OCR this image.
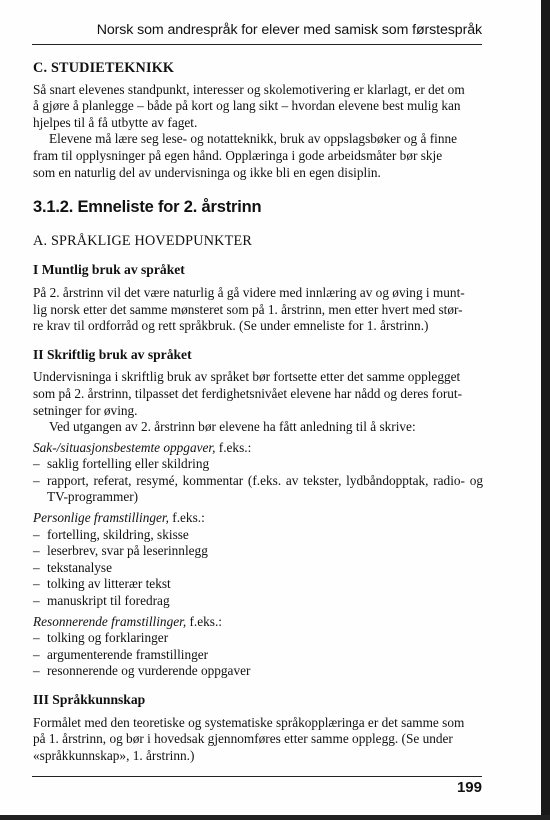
Norsk som andrespråk for elever med samisk som førstespråk
C. STUDIETEKNIKK

Så snart elevenes standpunkt, interesser og skolemotivering er klarlagt, er det om
å gjøre å planlegge – både på kort og lang sikt – hvordan elevene best mulig kan
hjelpes til å få utbytte av faget.

Elevene må lære seg lese- og notatteknikk, bruk av oppslagsbøker og å finne
fram til opplysninger på egen hånd. Opplæringa i gode arbeidsmåter bør skje
som en naturlig del av undervisninga og ikke bli en egen disiplin.

3.1.2. Emneliste for 2. årstrinn
A. SPRÅKLIGE HOVEDPUNKTER
I Muntlig bruk av språket

På 2. årstrinn vil det være naturlig å gå videre med innlæring av og øving i munt-
lig norsk etter det samme mønsteret som på 1. årstrinn, men etter hvert med stør-
re krav til ordforråd og rett språkbruk. (Se under emneliste for 1. årstrinn.)

II Skriftlig bruk av språket

Undervisninga i skriftlig bruk av språket bør fortsette etter det samme opplegget
som på 2. årstrinn, tilpasset det ferdighetsnivået elevene har nådd og deres forut-
setninger for øving.

Ved utgangen av 2. årstrinn bør elevene ha fått anledning til å skrive:

Sak-/situasjonsbestemte oppgaver, f.eks.:
– saklig fortelling eller skildring
– rapport, referat, resymé, kommentar (f.eks. av tekster, lydbåndopptak, radio- og TV-programmer)
Personlige framstillinger, f.eks.:
– fortelling, skildring, skisse
– leserbrev, svar på leserinnlegg
– tekstanalyse
– tolking av litterær tekst
– manuskript til foredrag
Resonnerende framstillinger, f.eks.:
– tolking og forklaringer
– argumenterende framstillinger
– resonnerende og vurderende oppgaver
III Språkkunnskap

Formålet med den teoretiske og systematiske språkopplæringa er det samme som
på 1. årstrinn, og bør i hovedsak gjennomføres etter samme opplegg. (Se under
«språkkunnskap», 1. årstrinn.)

199
